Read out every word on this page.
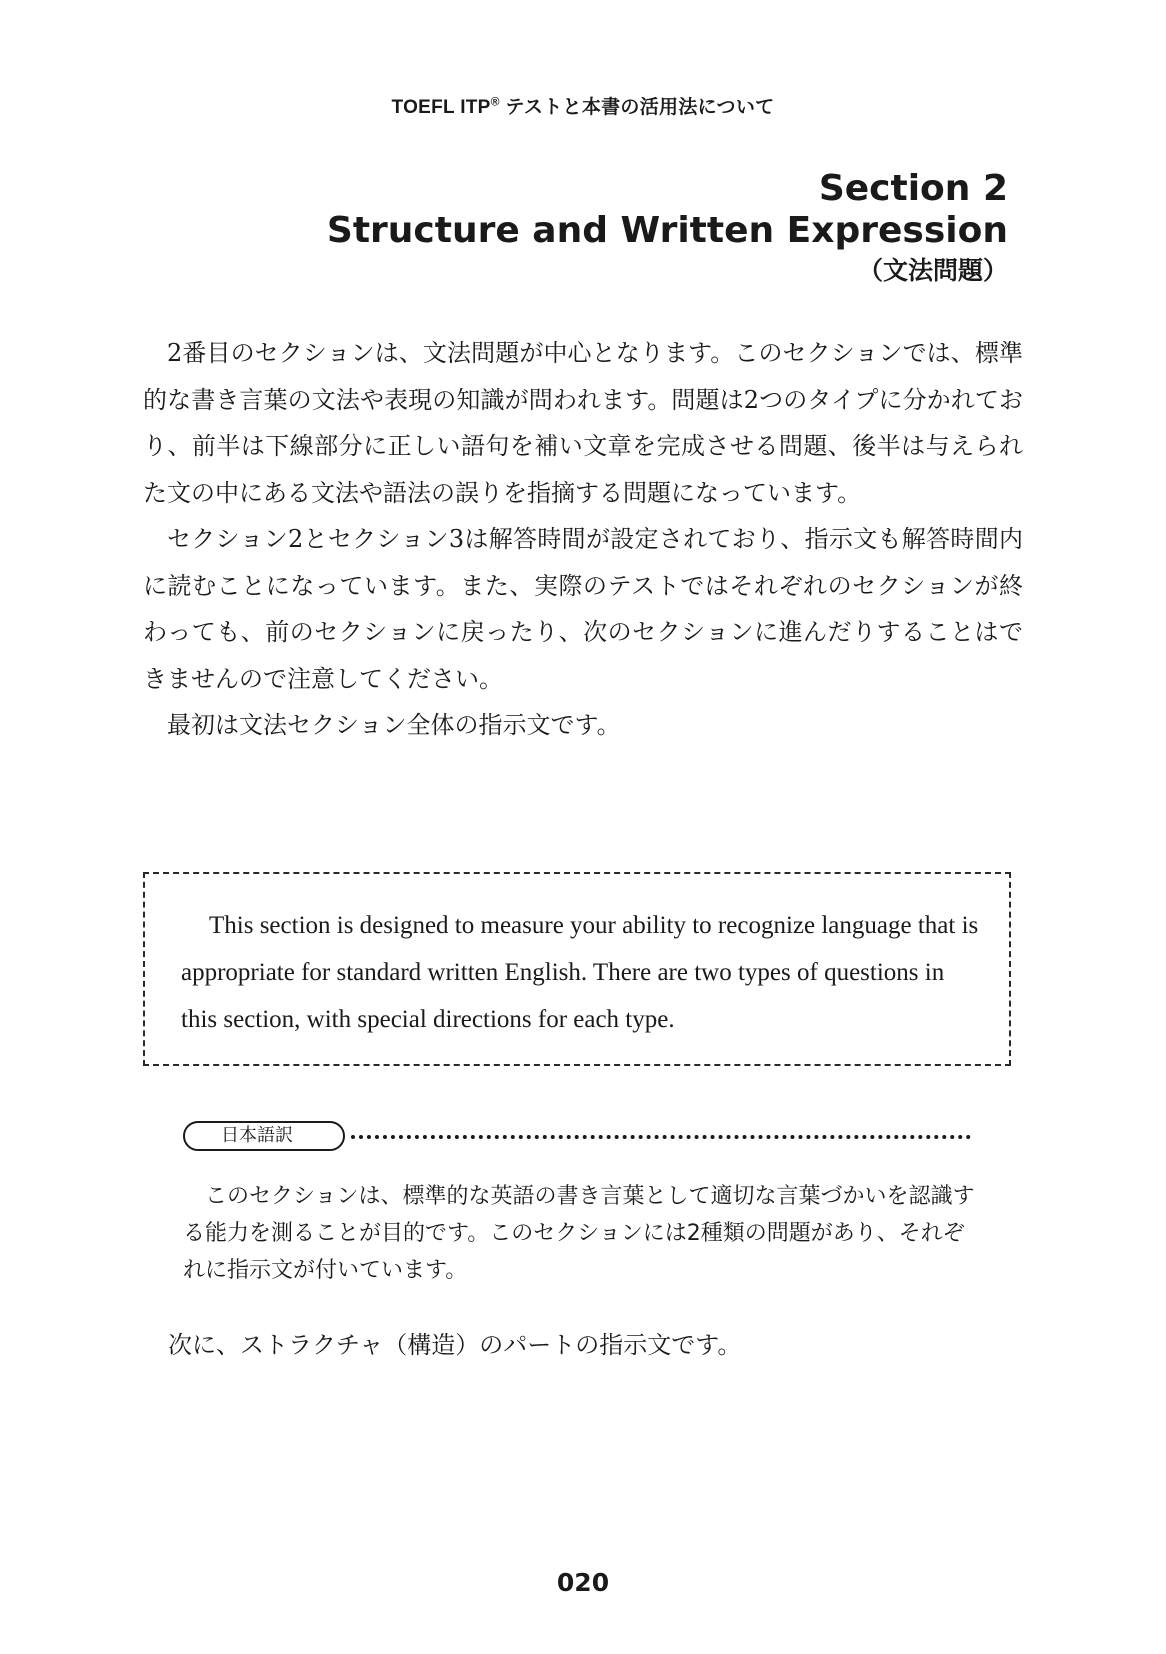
TOEFL ITP® テストと本書の活用法について
Section 2
Structure and Written Expression
（文法問題）

2番目のセクションは、文法問題が中心となります。このセクションでは、標準的な書き言葉の文法や表現の知識が問われます。問題は2つのタイプに分かれており、前半は下線部分に正しい語句を補い文章を完成させる問題、後半は与えられた文の中にある文法や語法の誤りを指摘する問題になっています。

セクション2とセクション3は解答時間が設定されており、指示文も解答時間内に読むことになっています。また、実際のテストではそれぞれのセクションが終わっても、前のセクションに戻ったり、次のセクションに進んだりすることはできませんので注意してください。

最初は文法セクション全体の指示文です。

This section is designed to measure your ability to recognize language that is appropriate for standard written English. There are two types of questions in this section, with special directions for each type.

日本語訳

このセクションは、標準的な英語の書き言葉として適切な言葉づかいを認識する能力を測ることが目的です。このセクションには2種類の問題があり、それぞれに指示文が付いています。

次に、ストラクチャ（構造）のパートの指示文です。
020
